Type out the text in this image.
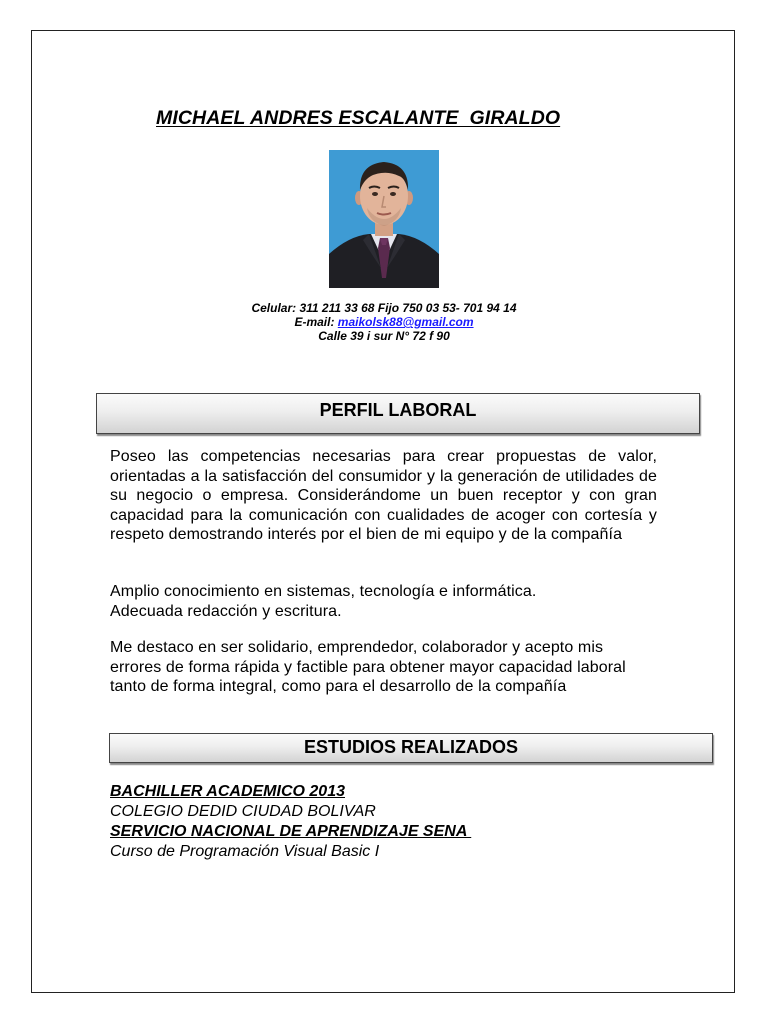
MICHAEL ANDRES ESCALANTE  GIRALDO
Celular: 311 211 33 68 Fijo 750 03 53- 701 94 14
E-mail: maikolsk88@gmail.com
Calle 39 i sur N° 72 f 90
PERFIL LABORAL
Poseo las competencias necesarias para crear propuestas de valor, orientadas a la satisfacción del consumidor y la generación de utilidades de su negocio o empresa. Considerándome un buen receptor y con gran capacidad para la comunicación con cualidades de acoger con cortesía y respeto demostrando interés por el bien de mi equipo y de la compañía
Amplio conocimiento en sistemas, tecnología e informática. Adecuada redacción y escritura.
Me destaco en ser solidario, emprendedor, colaborador y acepto mis errores de forma rápida y factible para obtener mayor capacidad laboral tanto de forma integral, como para el desarrollo de la compañía
ESTUDIOS REALIZADOS
BACHILLER ACADEMICO 2013
COLEGIO DEDID CIUDAD BOLIVAR
SERVICIO NACIONAL DE APRENDIZAJE SENA
Curso de Programación Visual Basic I
